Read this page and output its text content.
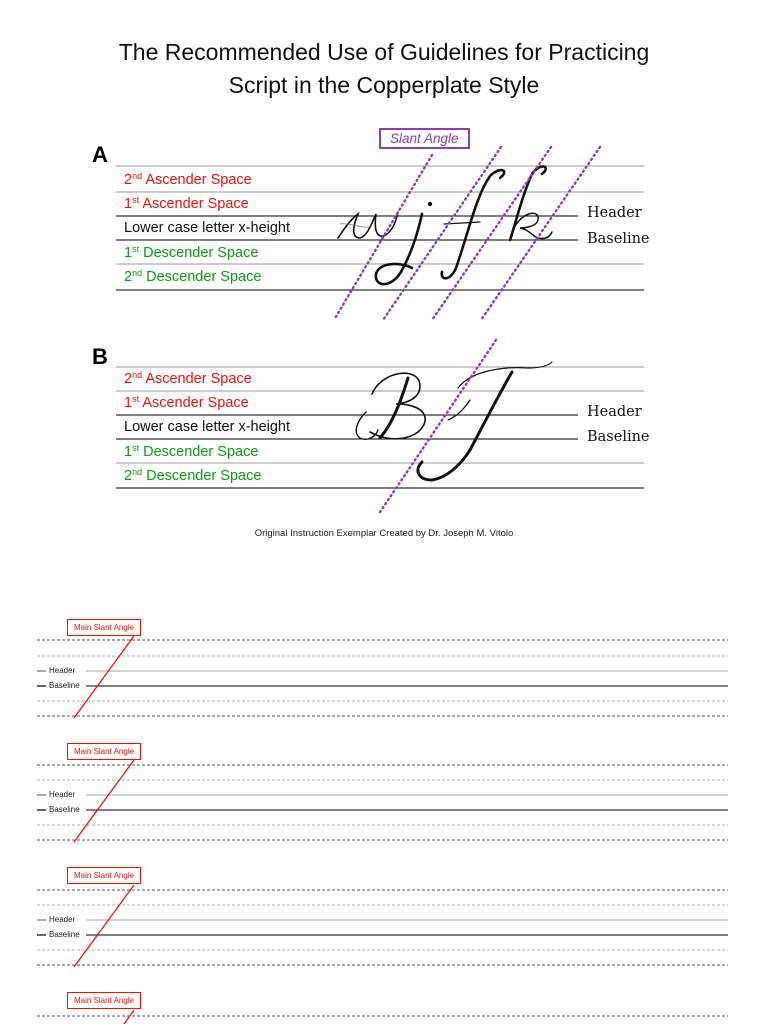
The Recommended Use of Guidelines for Practicing
Script in the Copperplate Style
A
Slant Angle
2nd Ascender Space
1st Ascender Space
Lower case letter x-height
1st Descender Space
2nd Descender Space
Header
Baseline
B
2nd Ascender Space
1st Ascender Space
Lower case letter x-height
1st Descender Space
2nd Descender Space
Header
Baseline
Original Instruction Exemplar Created by Dr. Joseph M. Vitolo
Main Slant Angle
Header
Baseline
Main Slant Angle
Header
Baseline
Main Slant Angle
Header
Baseline
Main Slant Angle
